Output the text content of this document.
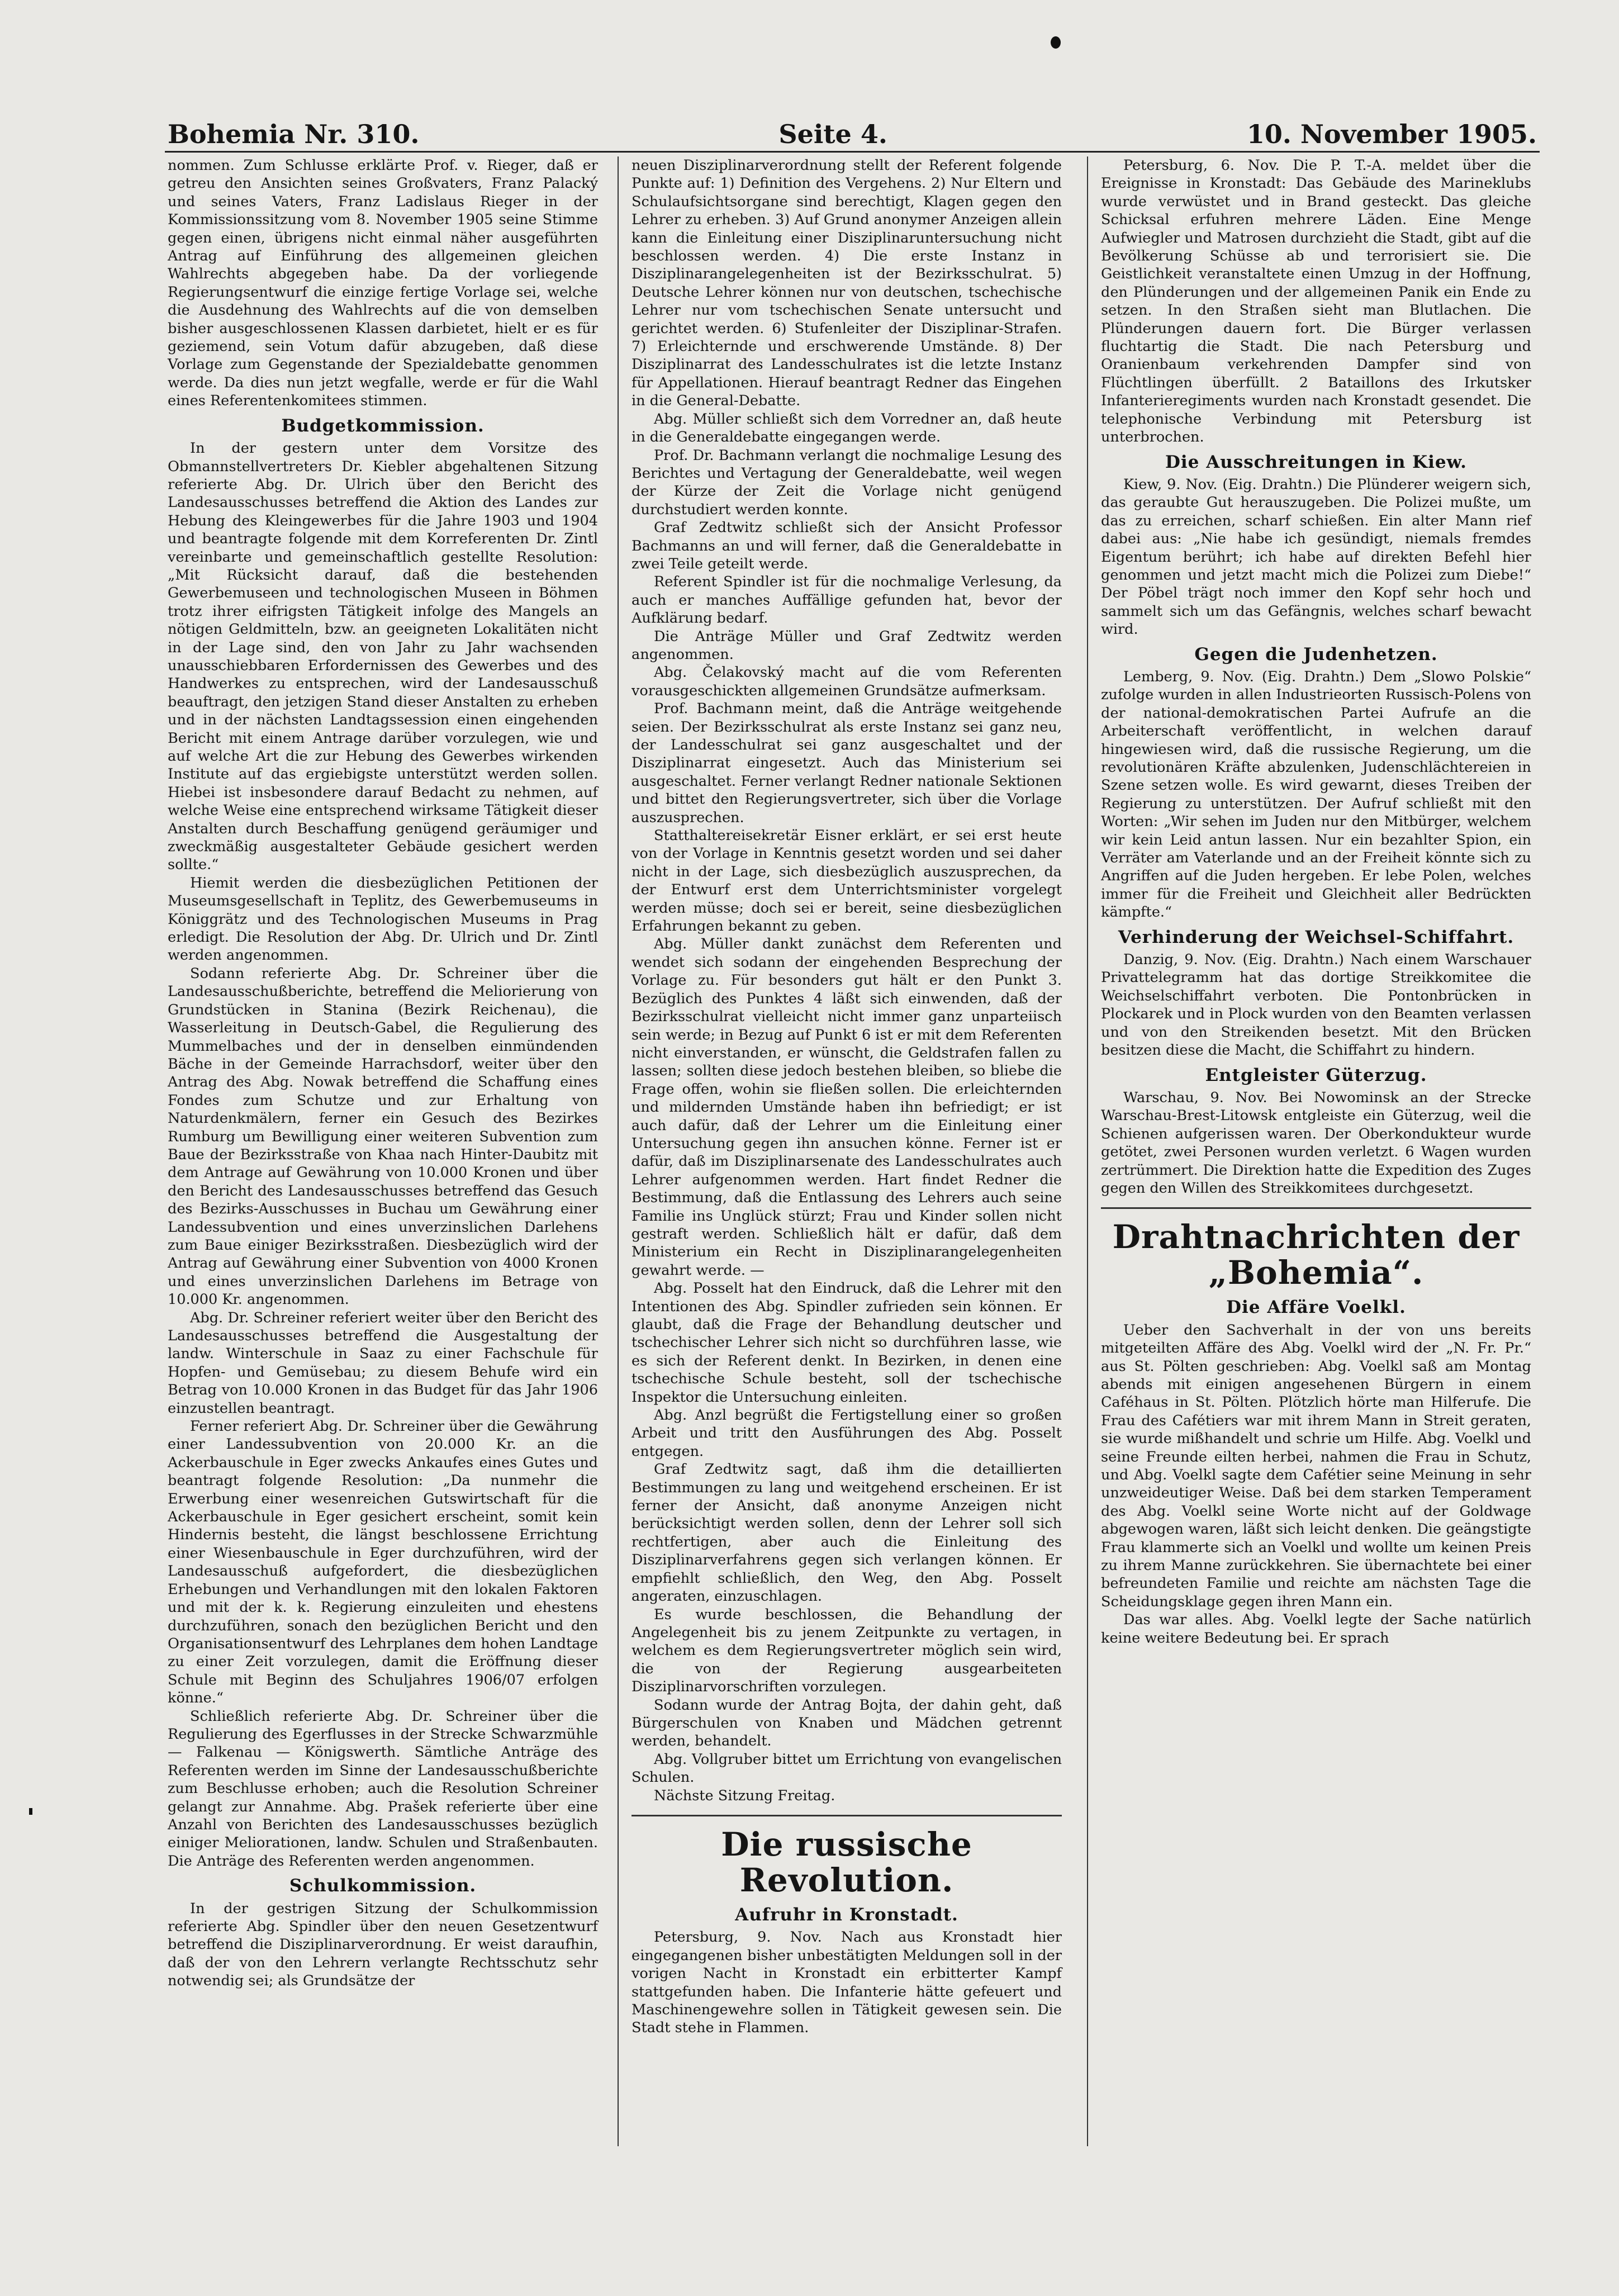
Bohemia Nr. 310.	Seite 4.	10. November 1905.

nommen. Zum Schlusse erklärte Prof. v. Rieger, daß er getreu den Ansichten seines Großvaters, Franz Palacký und seines Vaters, Franz Ladislaus Rieger in der Kommissionssitzung vom 8. November 1905 seine Stimme gegen einen, übrigens nicht einmal näher ausgeführten Antrag auf Einführung des allgemeinen gleichen Wahlrechts abgegeben habe. Da der vorliegende Regierungsentwurf die einzige fertige Vorlage sei, welche die Ausdehnung des Wahlrechts auf die von demselben bisher ausgeschlossenen Klassen darbietet, hielt er es für geziemend, sein Votum dafür abzugeben, daß diese Vorlage zum Gegenstande der Spezialdebatte genommen werde. Da dies nun jetzt wegfalle, werde er für die Wahl eines Referentenkomitees stimmen.

Budgetkommission.

In der gestern unter dem Vorsitze des Obmannstellvertreters Dr. Kiebler abgehaltenen Sitzung referierte Abg. Dr. Ulrich über den Bericht des Landesausschusses betreffend die Aktion des Landes zur Hebung des Kleingewerbes für die Jahre 1903 und 1904 und beantragte folgende mit dem Korreferenten Dr. Zintl vereinbarte und gemeinschaftlich gestellte Resolution: „Mit Rücksicht darauf, daß die bestehenden Gewerbemuseen und technologischen Museen in Böhmen trotz ihrer eifrigsten Tätigkeit infolge des Mangels an nötigen Geldmitteln, bzw. an geeigneten Lokalitäten nicht in der Lage sind, den von Jahr zu Jahr wachsenden unausschiebbaren Erfordernissen des Gewerbes und des Handwerkes zu entsprechen, wird der Landesausschuß beauftragt, den jetzigen Stand dieser Anstalten zu erheben und in der nächsten Landtagssession einen eingehenden Bericht mit einem Antrage darüber vorzulegen, wie und auf welche Art die zur Hebung des Gewerbes wirkenden Institute auf das ergiebigste unterstützt werden sollen. Hiebei ist insbesondere darauf Bedacht zu nehmen, auf welche Weise eine entsprechend wirksame Tätigkeit dieser Anstalten durch Beschaffung genügend geräumiger und zweckmäßig ausgestalteter Gebäude gesichert werden sollte.“

Hiemit werden die diesbezüglichen Petitionen der Museumsgesellschaft in Teplitz, des Gewerbemuseums in Königgrätz und des Technologischen Museums in Prag erledigt. Die Resolution der Abg. Dr. Ulrich und Dr. Zintl werden angenommen.

Sodann referierte Abg. Dr. Schreiner über die Landesausschußberichte, betreffend die Meliorierung von Grundstücken in Stanina (Bezirk Reichenau), die Wasserleitung in Deutsch-Gabel, die Regulierung des Mummelbaches und der in denselben einmündenden Bäche in der Gemeinde Harrachsdorf, weiter über den Antrag des Abg. Nowak betreffend die Schaffung eines Fondes zum Schutze und zur Erhaltung von Naturdenkmälern, ferner ein Gesuch des Bezirkes Rumburg um Bewilligung einer weiteren Subvention zum Baue der Bezirksstraße von Khaa nach Hinter-Daubitz mit dem Antrage auf Gewährung von 10.000 Kronen und über den Bericht des Landesausschusses betreffend das Gesuch des Bezirks-Ausschusses in Buchau um Gewährung einer Landessubvention und eines unverzinslichen Darlehens zum Baue einiger Bezirksstraßen. Diesbezüglich wird der Antrag auf Gewährung einer Subvention von 4000 Kronen und eines unverzinslichen Darlehens im Betrage von 10.000 Kr. angenommen.

Abg. Dr. Schreiner referiert weiter über den Bericht des Landesausschusses betreffend die Ausgestaltung der landw. Winterschule in Saaz zu einer Fachschule für Hopfen- und Gemüsebau; zu diesem Behufe wird ein Betrag von 10.000 Kronen in das Budget für das Jahr 1906 einzustellen beantragt.

Ferner referiert Abg. Dr. Schreiner über die Gewährung einer Landessubvention von 20.000 Kr. an die Ackerbauschule in Eger zwecks Ankaufes eines Gutes und beantragt folgende Resolution: „Da nunmehr die Erwerbung einer wesenreichen Gutswirtschaft für die Ackerbauschule in Eger gesichert erscheint, somit kein Hindernis besteht, die längst beschlossene Errichtung einer Wiesenbauschule in Eger durchzuführen, wird der Landesausschuß aufgefordert, die diesbezüglichen Erhebungen und Verhandlungen mit den lokalen Faktoren und mit der k. k. Regierung einzuleiten und ehestens durchzuführen, sonach den bezüglichen Bericht und den Organisationsentwurf des Lehrplanes dem hohen Landtage zu einer Zeit vorzulegen, damit die Eröffnung dieser Schule mit Beginn des Schuljahres 1906/07 erfolgen könne.“

Schließlich referierte Abg. Dr. Schreiner über die Regulierung des Egerflusses in der Strecke Schwarzmühle — Falkenau — Königswerth. Sämtliche Anträge des Referenten werden im Sinne der Landesausschußberichte zum Beschlusse erhoben; auch die Resolution Schreiner gelangt zur Annahme. Abg. Prašek referierte über eine Anzahl von Berichten des Landesausschusses bezüglich einiger Meliorationen, landw. Schulen und Straßenbauten. Die Anträge des Referenten werden angenommen.

Schulkommission.

In der gestrigen Sitzung der Schulkommission referierte Abg. Spindler über den neuen Gesetzentwurf betreffend die Disziplinarverordnung. Er weist daraufhin, daß der von den Lehrern verlangte Rechtsschutz sehr notwendig sei; als Grundsätze der

neuen Disziplinarverordnung stellt der Referent folgende Punkte auf: 1) Definition des Vergehens. 2) Nur Eltern und Schulaufsichtsorgane sind berechtigt, Klagen gegen den Lehrer zu erheben. 3) Auf Grund anonymer Anzeigen allein kann die Einleitung einer Disziplinaruntersuchung nicht beschlossen werden. 4) Die erste Instanz in Disziplinarangelegenheiten ist der Bezirksschulrat. 5) Deutsche Lehrer können nur von deutschen, tschechische Lehrer nur vom tschechischen Senate untersucht und gerichtet werden. 6) Stufenleiter der Disziplinar-Strafen. 7) Erleichternde und erschwerende Umstände. 8) Der Disziplinarrat des Landesschulrates ist die letzte Instanz für Appellationen. Hierauf beantragt Redner das Eingehen in die General-Debatte.

Abg. Müller schließt sich dem Vorredner an, daß heute in die Generaldebatte eingegangen werde.

Prof. Dr. Bachmann verlangt die nochmalige Lesung des Berichtes und Vertagung der Generaldebatte, weil wegen der Kürze der Zeit die Vorlage nicht genügend durchstudiert werden konnte.

Graf Zedtwitz schließt sich der Ansicht Professor Bachmanns an und will ferner, daß die Generaldebatte in zwei Teile geteilt werde.

Referent Spindler ist für die nochmalige Verlesung, da auch er manches Auffällige gefunden hat, bevor der Aufklärung bedarf.

Die Anträge Müller und Graf Zedtwitz werden angenommen.

Abg. Čelakovský macht auf die vom Referenten vorausgeschickten allgemeinen Grundsätze aufmerksam.

Prof. Bachmann meint, daß die Anträge weitgehende seien. Der Bezirksschulrat als erste Instanz sei ganz neu, der Landesschulrat sei ganz ausgeschaltet und der Disziplinarrat eingesetzt. Auch das Ministerium sei ausgeschaltet. Ferner verlangt Redner nationale Sektionen und bittet den Regierungsvertreter, sich über die Vorlage auszusprechen.

Statthaltereisekretär Eisner erklärt, er sei erst heute von der Vorlage in Kenntnis gesetzt worden und sei daher nicht in der Lage, sich diesbezüglich auszusprechen, da der Entwurf erst dem Unterrichtsminister vorgelegt werden müsse; doch sei er bereit, seine diesbezüglichen Erfahrungen bekannt zu geben.

Abg. Müller dankt zunächst dem Referenten und wendet sich sodann der eingehenden Besprechung der Vorlage zu. Für besonders gut hält er den Punkt 3. Bezüglich des Punktes 4 läßt sich einwenden, daß der Bezirksschulrat vielleicht nicht immer ganz unparteiisch sein werde; in Bezug auf Punkt 6 ist er mit dem Referenten nicht einverstanden, er wünscht, die Geldstrafen fallen zu lassen; sollten diese jedoch bestehen bleiben, so bliebe die Frage offen, wohin sie fließen sollen. Die erleichternden und mildernden Umstände haben ihn befriedigt; er ist auch dafür, daß der Lehrer um die Einleitung einer Untersuchung gegen ihn ansuchen könne. Ferner ist er dafür, daß im Disziplinarsenate des Landesschulrates auch Lehrer aufgenommen werden. Hart findet Redner die Bestimmung, daß die Entlassung des Lehrers auch seine Familie ins Unglück stürzt; Frau und Kinder sollen nicht gestraft werden. Schließlich hält er dafür, daß dem Ministerium ein Recht in Disziplinarangelegenheiten gewahrt werde. —

Abg. Posselt hat den Eindruck, daß die Lehrer mit den Intentionen des Abg. Spindler zufrieden sein können. Er glaubt, daß die Frage der Behandlung deutscher und tschechischer Lehrer sich nicht so durchführen lasse, wie es sich der Referent denkt. In Bezirken, in denen eine tschechische Schule besteht, soll der tschechische Inspektor die Untersuchung einleiten.

Abg. Anzl begrüßt die Fertigstellung einer so großen Arbeit und tritt den Ausführungen des Abg. Posselt entgegen.

Graf Zedtwitz sagt, daß ihm die detaillierten Bestimmungen zu lang und weitgehend erscheinen. Er ist ferner der Ansicht, daß anonyme Anzeigen nicht berücksichtigt werden sollen, denn der Lehrer soll sich rechtfertigen, aber auch die Einleitung des Disziplinarverfahrens gegen sich verlangen können. Er empfiehlt schließlich, den Weg, den Abg. Posselt angeraten, einzuschlagen.

Es wurde beschlossen, die Behandlung der Angelegenheit bis zu jenem Zeitpunkte zu vertagen, in welchem es dem Regierungsvertreter möglich sein wird, die von der Regierung ausgearbeiteten Disziplinarvorschriften vorzulegen.

Sodann wurde der Antrag Bojta, der dahin geht, daß Bürgerschulen von Knaben und Mädchen getrennt werden, behandelt.

Abg. Vollgruber bittet um Errichtung von evangelischen Schulen.

Nächste Sitzung Freitag.

Die russische Revolution.
Aufruhr in Kronstadt.

Petersburg, 9. Nov. Nach aus Kronstadt hier eingegangenen bisher unbestätigten Meldungen soll in der vorigen Nacht in Kronstadt ein erbitterter Kampf stattgefunden haben. Die Infanterie hätte gefeuert und Maschinengewehre sollen in Tätigkeit gewesen sein. Die Stadt stehe in Flammen.

Petersburg, 6. Nov. Die P. T.-A. meldet über die Ereignisse in Kronstadt: Das Gebäude des Marineklubs wurde verwüstet und in Brand gesteckt. Das gleiche Schicksal erfuhren mehrere Läden. Eine Menge Aufwiegler und Matrosen durchzieht die Stadt, gibt auf die Bevölkerung Schüsse ab und terrorisiert sie. Die Geistlichkeit veranstaltete einen Umzug in der Hoffnung, den Plünderungen und der allgemeinen Panik ein Ende zu setzen. In den Straßen sieht man Blutlachen. Die Plünderungen dauern fort. Die Bürger verlassen fluchtartig die Stadt. Die nach Petersburg und Oranienbaum verkehrenden Dampfer sind von Flüchtlingen überfüllt. 2 Bataillons des Irkutsker Infanterieregiments wurden nach Kronstadt gesendet. Die telephonische Verbindung mit Petersburg ist unterbrochen.

Die Ausschreitungen in Kiew.

Kiew, 9. Nov. (Eig. Drahtn.) Die Plünderer weigern sich, das geraubte Gut herauszugeben. Die Polizei mußte, um das zu erreichen, scharf schießen. Ein alter Mann rief dabei aus: „Nie habe ich gesündigt, niemals fremdes Eigentum berührt; ich habe auf direkten Befehl hier genommen und jetzt macht mich die Polizei zum Diebe!“ Der Pöbel trägt noch immer den Kopf sehr hoch und sammelt sich um das Gefängnis, welches scharf bewacht wird.

Gegen die Judenhetzen.

Lemberg, 9. Nov. (Eig. Drahtn.) Dem „Slowo Polskie“ zufolge wurden in allen Industrieorten Russisch-Polens von der national-demokratischen Partei Aufrufe an die Arbeiterschaft veröffentlicht, in welchen darauf hingewiesen wird, daß die russische Regierung, um die revolutionären Kräfte abzulenken, Judenschlächtereien in Szene setzen wolle. Es wird gewarnt, dieses Treiben der Regierung zu unterstützen. Der Aufruf schließt mit den Worten: „Wir sehen im Juden nur den Mitbürger, welchem wir kein Leid antun lassen. Nur ein bezahlter Spion, ein Verräter am Vaterlande und an der Freiheit könnte sich zu Angriffen auf die Juden hergeben. Er lebe Polen, welches immer für die Freiheit und Gleichheit aller Bedrückten kämpfte.“

Verhinderung der Weichsel-Schiffahrt.

Danzig, 9. Nov. (Eig. Drahtn.) Nach einem Warschauer Privattelegramm hat das dortige Streikkomitee die Weichselschiffahrt verboten. Die Pontonbrücken in Plockarek und in Plock wurden von den Beamten verlassen und von den Streikenden besetzt. Mit den Brücken besitzen diese die Macht, die Schiffahrt zu hindern.

Entgleister Güterzug.

Warschau, 9. Nov. Bei Nowominsk an der Strecke Warschau-Brest-Litowsk entgleiste ein Güterzug, weil die Schienen aufgerissen waren. Der Oberkondukteur wurde getötet, zwei Personen wurden verletzt. 6 Wagen wurden zertrümmert. Die Direktion hatte die Expedition des Zuges gegen den Willen des Streikkomitees durchgesetzt.

Drahtnachrichten der „Bohemia“.
Die Affäre Voelkl.

Ueber den Sachverhalt in der von uns bereits mitgeteilten Affäre des Abg. Voelkl wird der „N. Fr. Pr.“ aus St. Pölten geschrieben: Abg. Voelkl saß am Montag abends mit einigen angesehenen Bürgern in einem Caféhaus in St. Pölten. Plötzlich hörte man Hilferufe. Die Frau des Cafétiers war mit ihrem Mann in Streit geraten, sie wurde mißhandelt und schrie um Hilfe. Abg. Voelkl und seine Freunde eilten herbei, nahmen die Frau in Schutz, und Abg. Voelkl sagte dem Cafétier seine Meinung in sehr unzweideutiger Weise. Daß bei dem starken Temperament des Abg. Voelkl seine Worte nicht auf der Goldwage abgewogen waren, läßt sich leicht denken. Die geängstigte Frau klammerte sich an Voelkl und wollte um keinen Preis zu ihrem Manne zurückkehren. Sie übernachtete bei einer befreundeten Familie und reichte am nächsten Tage die Scheidungsklage gegen ihren Mann ein.

Das war alles. Abg. Voelkl legte der Sache natürlich keine weitere Bedeutung bei. Er sprach
